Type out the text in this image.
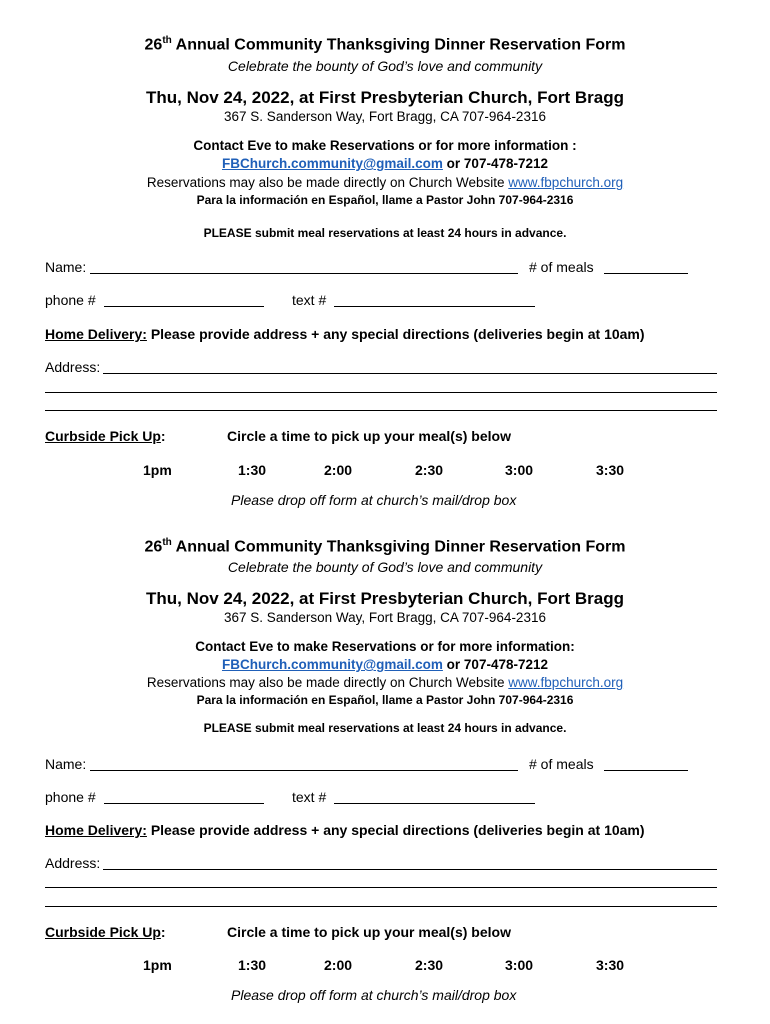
26th Annual Community Thanksgiving Dinner Reservation Form
Celebrate the bounty of God’s love and community
Thu, Nov 24, 2022, at First Presbyterian Church, Fort Bragg
367 S. Sanderson Way, Fort Bragg, CA 707-964-2316
Contact Eve to make Reservations or for more information :
FBChurch.community@gmail.com or 707-478-7212
Reservations may also be made directly on Church Website www.fbpchurch.org
Para la información en Español, llame a Pastor John 707-964-2316
PLEASE submit meal reservations at least 24 hours in advance.
Name:	# of meals
phone #	text #
Home Delivery: Please provide address + any special directions (deliveries begin at 10am)
Address:
Curbside Pick Up:	Circle a time to pick up your meal(s) below
1pm	1:30	2:00	2:30	3:00	3:30
Please drop off form at church’s mail/drop box
26th Annual Community Thanksgiving Dinner Reservation Form
Celebrate the bounty of God’s love and community
Thu, Nov 24, 2022, at First Presbyterian Church, Fort Bragg
367 S. Sanderson Way, Fort Bragg, CA 707-964-2316
Contact Eve to make Reservations or for more information:
FBChurch.community@gmail.com or 707-478-7212
Reservations may also be made directly on Church Website www.fbpchurch.org
Para la información en Español, llame a Pastor John 707-964-2316
PLEASE submit meal reservations at least 24 hours in advance.
Name:	# of meals
phone #	text #
Home Delivery: Please provide address + any special directions (deliveries begin at 10am)
Address:
Curbside Pick Up:	Circle a time to pick up your meal(s) below
1pm	1:30	2:00	2:30	3:00	3:30
Please drop off form at church’s mail/drop box
